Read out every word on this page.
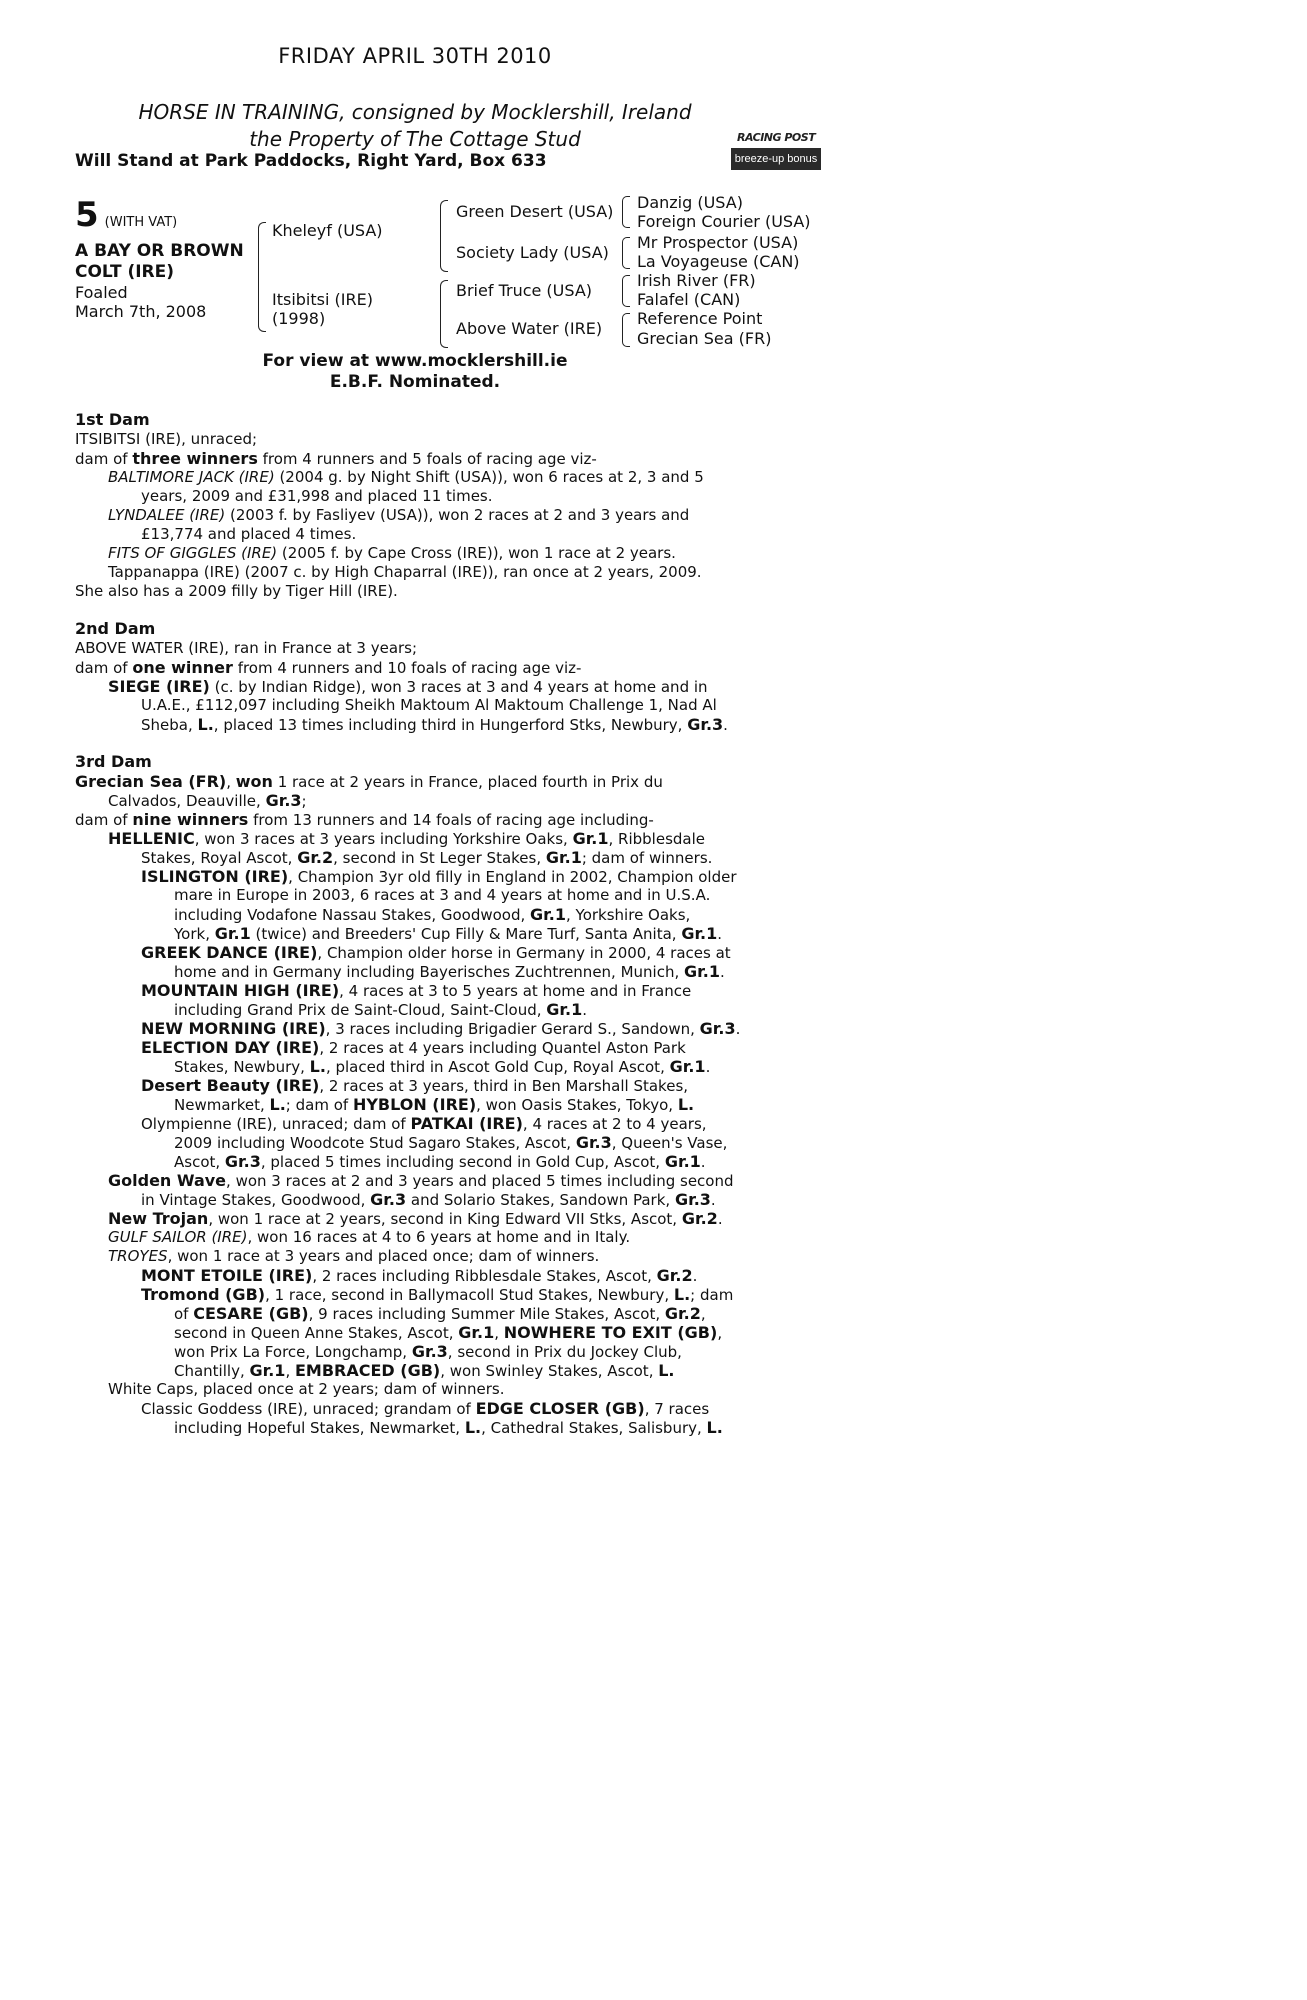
FRIDAY APRIL 30TH 2010
HORSE IN TRAINING, consigned by Mocklershill, Ireland
the Property of The Cottage Stud
Will Stand at Park Paddocks, Right Yard, Box 633
RACING POST
breeze-up bonus
5 (WITH VAT)
A BAY OR BROWN
COLT (IRE)
Foaled
March 7th, 2008
Kheleyf (USA)
Itsibitsi (IRE)
(1998)
Green Desert (USA)
Society Lady (USA)
Brief Truce (USA)
Above Water (IRE)
Danzig (USA)
Foreign Courier (USA)
Mr Prospector (USA)
La Voyageuse (CAN)
Irish River (FR)
Falafel (CAN)
Reference Point
Grecian Sea (FR)
For view at www.mocklershill.ie
E.B.F. Nominated.
1st Dam
ITSIBITSI (IRE), unraced;
dam of three winners from 4 runners and 5 foals of racing age viz-
BALTIMORE JACK (IRE) (2004 g. by Night Shift (USA)), won 6 races at 2, 3 and 5
years, 2009 and £31,998 and placed 11 times.
LYNDALEE (IRE) (2003 f. by Fasliyev (USA)), won 2 races at 2 and 3 years and
£13,774 and placed 4 times.
FITS OF GIGGLES (IRE) (2005 f. by Cape Cross (IRE)), won 1 race at 2 years.
Tappanappa (IRE) (2007 c. by High Chaparral (IRE)), ran once at 2 years, 2009.
She also has a 2009 filly by Tiger Hill (IRE).
2nd Dam
ABOVE WATER (IRE), ran in France at 3 years;
dam of one winner from 4 runners and 10 foals of racing age viz-
SIEGE (IRE) (c. by Indian Ridge), won 3 races at 3 and 4 years at home and in
U.A.E., £112,097 including Sheikh Maktoum Al Maktoum Challenge 1, Nad Al
Sheba, L., placed 13 times including third in Hungerford Stks, Newbury, Gr.3.
3rd Dam
Grecian Sea (FR), won 1 race at 2 years in France, placed fourth in Prix du
Calvados, Deauville, Gr.3;
dam of nine winners from 13 runners and 14 foals of racing age including-
HELLENIC, won 3 races at 3 years including Yorkshire Oaks, Gr.1, Ribblesdale
Stakes, Royal Ascot, Gr.2, second in St Leger Stakes, Gr.1; dam of winners.
ISLINGTON (IRE), Champion 3yr old filly in England in 2002, Champion older
mare in Europe in 2003, 6 races at 3 and 4 years at home and in U.S.A.
including Vodafone Nassau Stakes, Goodwood, Gr.1, Yorkshire Oaks,
York, Gr.1 (twice) and Breeders' Cup Filly & Mare Turf, Santa Anita, Gr.1.
GREEK DANCE (IRE), Champion older horse in Germany in 2000, 4 races at
home and in Germany including Bayerisches Zuchtrennen, Munich, Gr.1.
MOUNTAIN HIGH (IRE), 4 races at 3 to 5 years at home and in France
including Grand Prix de Saint-Cloud, Saint-Cloud, Gr.1.
NEW MORNING (IRE), 3 races including Brigadier Gerard S., Sandown, Gr.3.
ELECTION DAY (IRE), 2 races at 4 years including Quantel Aston Park
Stakes, Newbury, L., placed third in Ascot Gold Cup, Royal Ascot, Gr.1.
Desert Beauty (IRE), 2 races at 3 years, third in Ben Marshall Stakes,
Newmarket, L.; dam of HYBLON (IRE), won Oasis Stakes, Tokyo, L.
Olympienne (IRE), unraced; dam of PATKAI (IRE), 4 races at 2 to 4 years,
2009 including Woodcote Stud Sagaro Stakes, Ascot, Gr.3, Queen's Vase,
Ascot, Gr.3, placed 5 times including second in Gold Cup, Ascot, Gr.1.
Golden Wave, won 3 races at 2 and 3 years and placed 5 times including second
in Vintage Stakes, Goodwood, Gr.3 and Solario Stakes, Sandown Park, Gr.3.
New Trojan, won 1 race at 2 years, second in King Edward VII Stks, Ascot, Gr.2.
GULF SAILOR (IRE), won 16 races at 4 to 6 years at home and in Italy.
TROYES, won 1 race at 3 years and placed once; dam of winners.
MONT ETOILE (IRE), 2 races including Ribblesdale Stakes, Ascot, Gr.2.
Tromond (GB), 1 race, second in Ballymacoll Stud Stakes, Newbury, L.; dam
of CESARE (GB), 9 races including Summer Mile Stakes, Ascot, Gr.2,
second in Queen Anne Stakes, Ascot, Gr.1, NOWHERE TO EXIT (GB),
won Prix La Force, Longchamp, Gr.3, second in Prix du Jockey Club,
Chantilly, Gr.1, EMBRACED (GB), won Swinley Stakes, Ascot, L.
White Caps, placed once at 2 years; dam of winners.
Classic Goddess (IRE), unraced; grandam of EDGE CLOSER (GB), 7 races
including Hopeful Stakes, Newmarket, L., Cathedral Stakes, Salisbury, L.
